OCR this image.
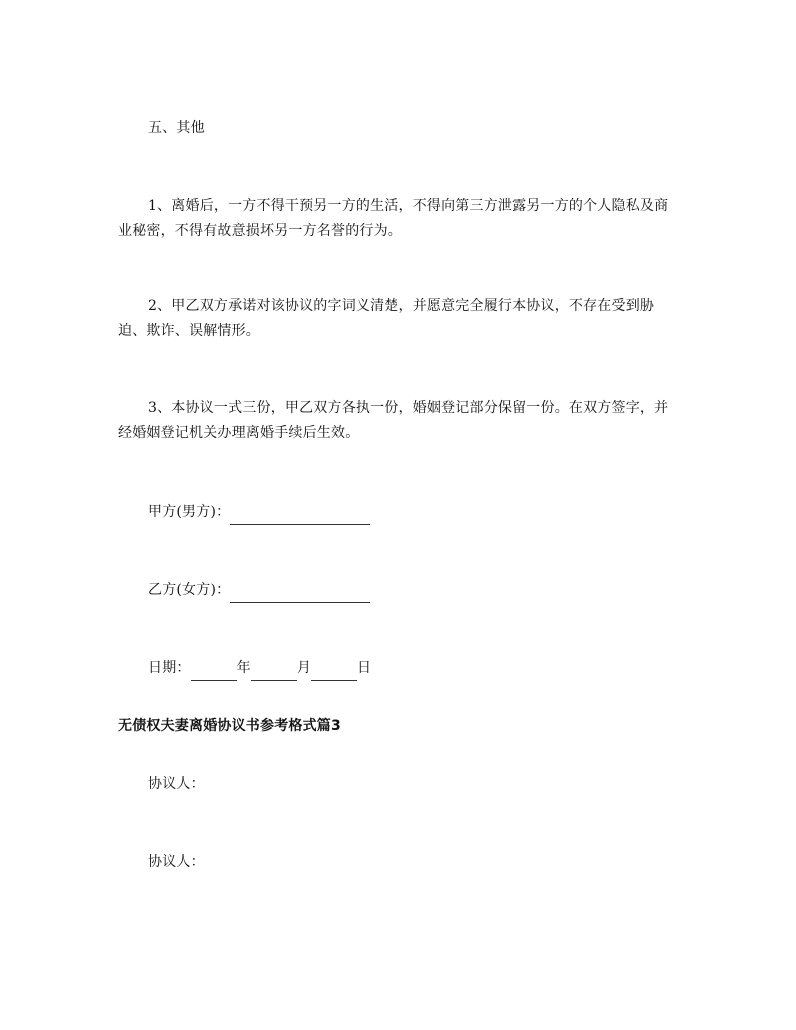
五、其他
1、离婚后，一方不得干预另一方的生活，不得向第三方泄露另一方的个人隐私及商业秘密，不得有故意损坏另一方名誉的行为。
2、甲乙双方承诺对该协议的字词义清楚，并愿意完全履行本协议，不存在受到胁迫、欺诈、误解情形。
3、本协议一式三份，甲乙双方各执一份，婚姻登记部分保留一份。在双方签字，并经婚姻登记机关办理离婚手续后生效。
甲方(男方)：
乙方(女方)：
日期：	年	月	日
无债权夫妻离婚协议书参考格式篇3
协议人：
协议人：
